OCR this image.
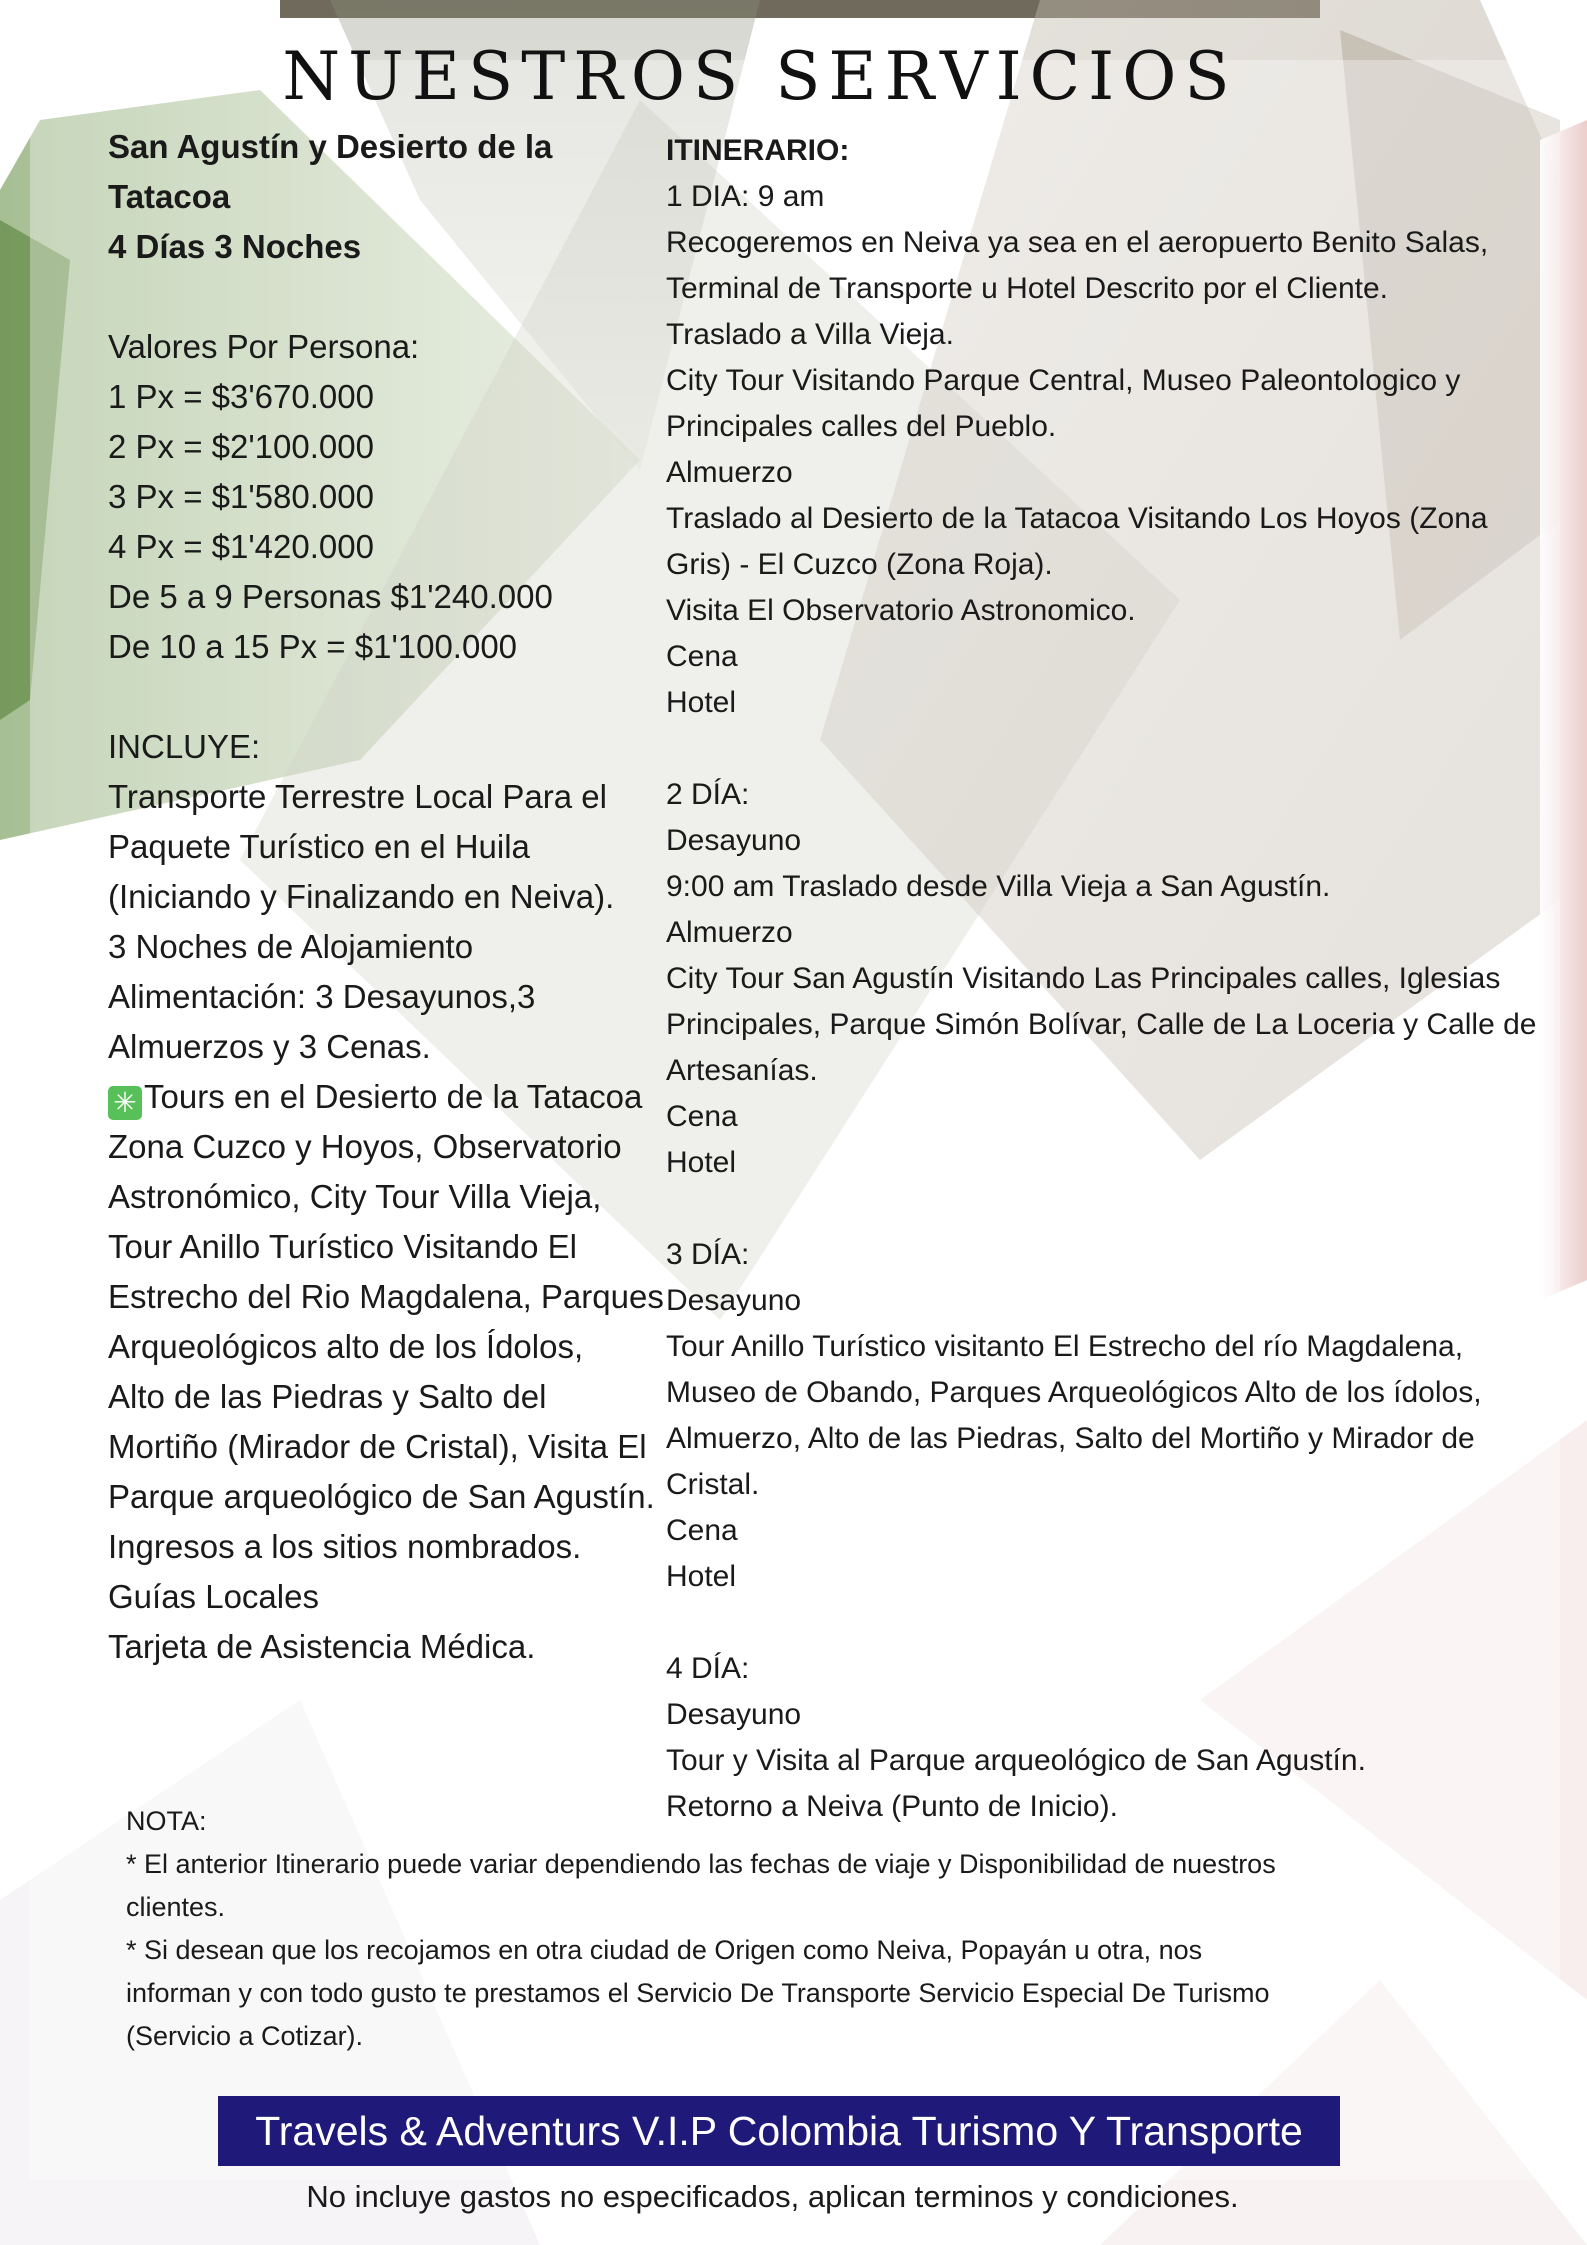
NUESTROS SERVICIOS
San Agustín y Desierto de la
Tatacoa
4 Días 3 Noches
Valores Por Persona:
1 Px = $3'670.000
2 Px = $2'100.000
3 Px = $1'580.000
4 Px = $1'420.000
De 5 a 9 Personas $1'240.000
De 10 a 15 Px = $1'100.000
INCLUYE:
Transporte Terrestre Local Para el
Paquete Turístico en el Huila
(Iniciando y Finalizando en Neiva).
3 Noches de Alojamiento
Alimentación: 3 Desayunos,3
Almuerzos y 3 Cenas.
✳ Tours en el Desierto de la Tatacoa
Zona Cuzco y Hoyos, Observatorio
Astronómico, City Tour Villa Vieja,
Tour Anillo Turístico Visitando El
Estrecho del Rio Magdalena, Parques
Arqueológicos alto de los Ídolos,
Alto de las Piedras y Salto del
Mortiño (Mirador de Cristal), Visita El
Parque arqueológico de San Agustín.
Ingresos a los sitios nombrados.
Guías Locales
Tarjeta de Asistencia Médica.
ITINERARIO:
1 DIA: 9 am
Recogeremos en Neiva ya sea en el aeropuerto Benito Salas,
Terminal de Transporte u Hotel Descrito por el Cliente.
Traslado a Villa Vieja.
City Tour Visitando Parque Central, Museo Paleontologico y
Principales calles del Pueblo.
Almuerzo
Traslado al Desierto de la Tatacoa Visitando Los Hoyos (Zona
Gris) - El Cuzco (Zona Roja).
Visita El Observatorio Astronomico.
Cena
Hotel
2 DÍA:
Desayuno
9:00 am Traslado desde Villa Vieja a San Agustín.
Almuerzo
City Tour San Agustín Visitando Las Principales calles, Iglesias
Principales, Parque Simón Bolívar, Calle de La Loceria y Calle de
Artesanías.
Cena
Hotel
3 DÍA:
Desayuno
Tour Anillo Turístico visitanto El Estrecho del río Magdalena,
Museo de Obando, Parques Arqueológicos Alto de los ídolos,
Almuerzo, Alto de las Piedras, Salto del Mortiño y Mirador de
Cristal.
Cena
Hotel
4 DÍA:
Desayuno
Tour y Visita al Parque arqueológico de San Agustín.
Retorno a Neiva (Punto de Inicio).
NOTA:
* El anterior Itinerario puede variar dependiendo las fechas de viaje y Disponibilidad de nuestros
clientes.
* Si desean que los recojamos en otra ciudad de Origen como Neiva, Popayán u otra, nos
informan y con todo gusto te prestamos el Servicio De Transporte Servicio Especial De Turismo
(Servicio a Cotizar).
Travels & Adventurs V.I.P Colombia Turismo Y Transporte
No incluye gastos no especificados, aplican terminos y condiciones.
